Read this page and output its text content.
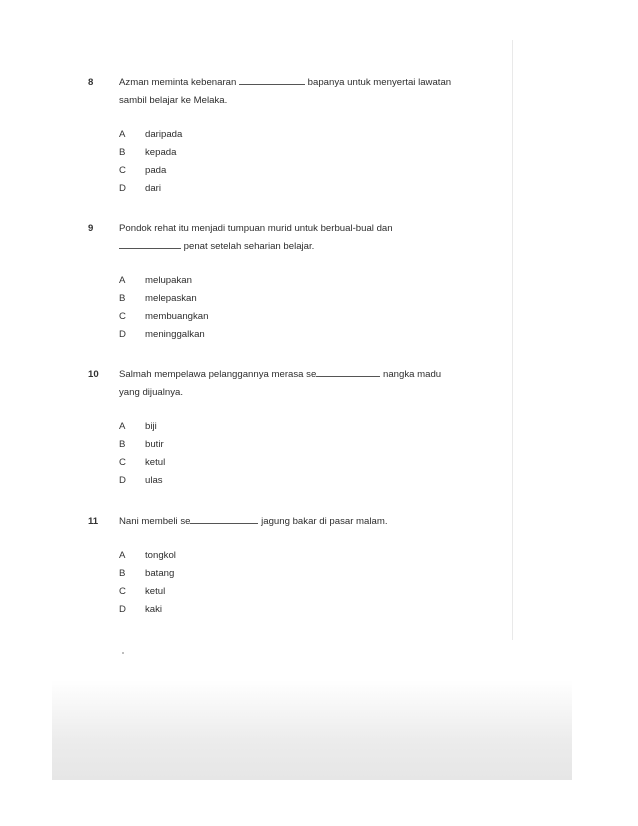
8	Azman meminta kebenaran	bapanya untuk menyertai lawatan
sambil belajar ke Melaka.
A daripada
B kepada
C pada
D dari
9	Pondok rehat itu menjadi tumpuan murid untuk berbual-bual dan
penat setelah seharian belajar.
A melupakan
B melepaskan
C membuangkan
D meninggalkan
10	Salmah mempelawa pelanggannya merasa se	nangka madu
yang dijualnya.
A biji
B butir
C ketul
D ulas
11	Nani membeli se	jagung bakar di pasar malam.
A tongkol
B batang
C ketul
D kaki
